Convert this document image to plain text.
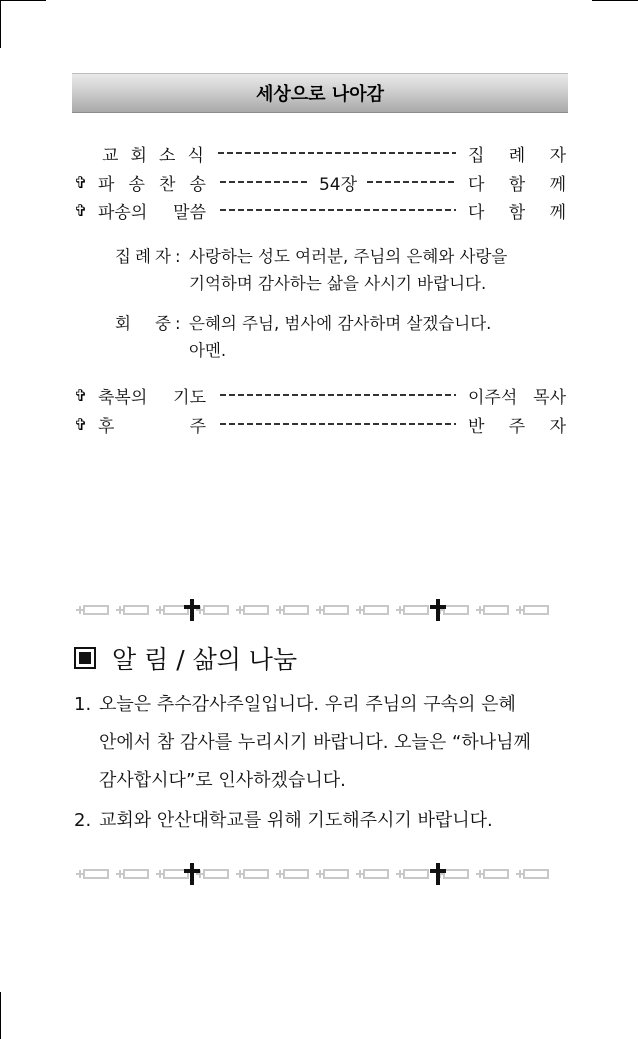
세상으로 나아감
교 회 소 식	집 례 자
✞ 파 송 찬 송	54장	다 함 께
✞ 파송의 말씀	다 함 께
집 례 자 : 사랑하는 성도 여러분, 주님의 은혜와 사랑을
기억하며 감사하는 삶을 사시기 바랍니다.
회 중 : 은혜의 주님, 범사에 감사하며 살겠습니다.
아멘.
✞ 축복의 기도	이주석 목사
✞ 후	주	반 주 자
알 림 / 삶의 나눔
1. 오늘은 추수감사주일입니다. 우리 주님의 구속의 은혜
안에서 참 감사를 누리시기 바랍니다. 오늘은 “하나님께
감사합시다”로 인사하겠습니다.
2. 교회와 안산대학교를 위해 기도해주시기 바랍니다.
